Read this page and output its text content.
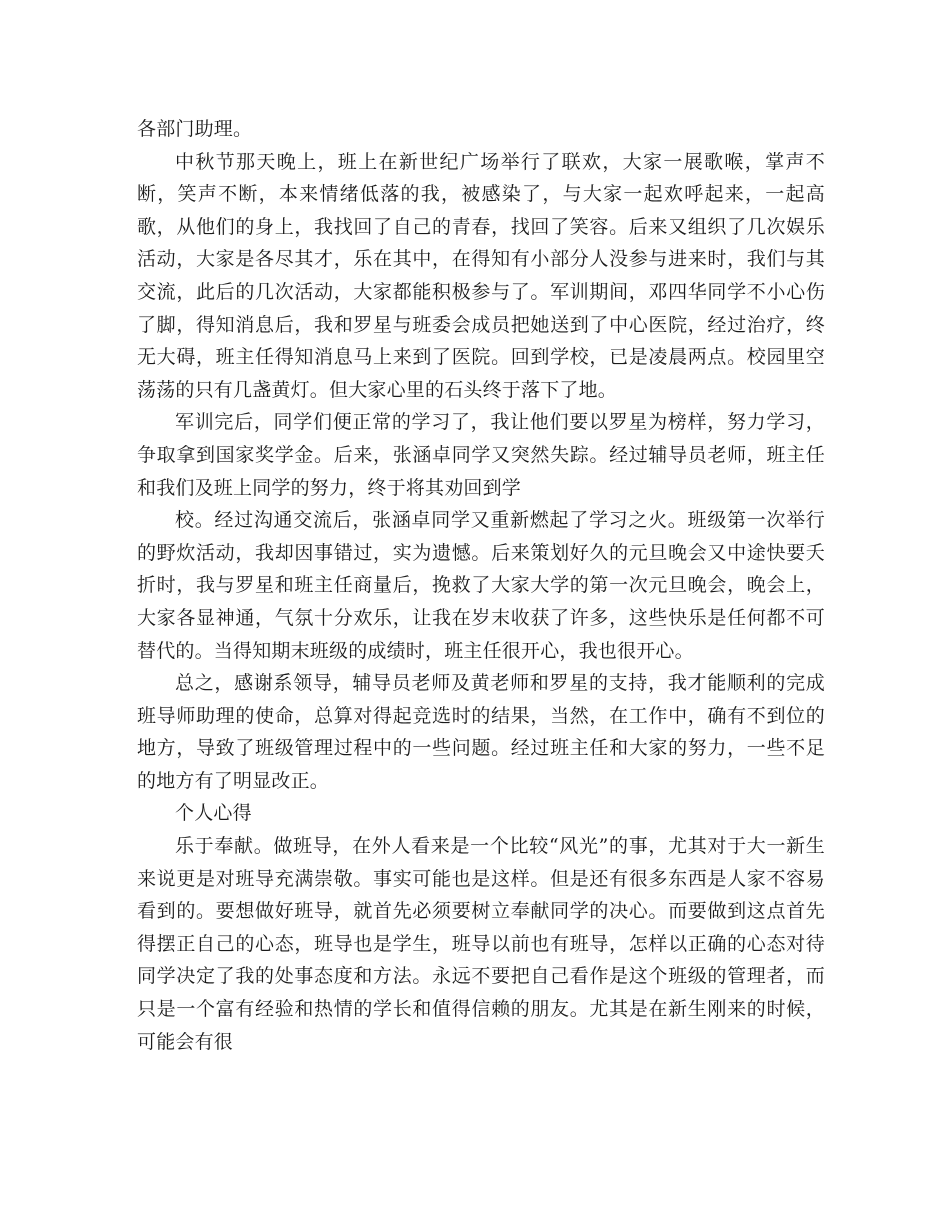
各部门助理。

中秋节那天晚上，班上在新世纪广场举行了联欢，大家一展歌喉，掌声不断，笑声不断，本来情绪低落的我，被感染了，与大家一起欢呼起来，一起高歌，从他们的身上，我找回了自己的青春，找回了笑容。后来又组织了几次娱乐活动，大家是各尽其才，乐在其中，在得知有小部分人没参与进来时，我们与其交流，此后的几次活动，大家都能积极参与了。军训期间，邓四华同学不小心伤了脚，得知消息后，我和罗星与班委会成员把她送到了中心医院，经过治疗，终无大碍，班主任得知消息马上来到了医院。回到学校，已是凌晨两点。校园里空荡荡的只有几盏黄灯。但大家心里的石头终于落下了地。

军训完后，同学们便正常的学习了，我让他们要以罗星为榜样，努力学习，争取拿到国家奖学金。后来，张涵卓同学又突然失踪。经过辅导员老师，班主任和我们及班上同学的努力，终于将其劝回到学

校。经过沟通交流后，张涵卓同学又重新燃起了学习之火。班级第一次举行的野炊活动，我却因事错过，实为遗憾。后来策划好久的元旦晚会又中途快要夭折时，我与罗星和班主任商量后，挽救了大家大学的第一次元旦晚会，晚会上，大家各显神通，气氛十分欢乐，让我在岁末收获了许多，这些快乐是任何都不可替代的。当得知期末班级的成绩时，班主任很开心，我也很开心。

总之，感谢系领导，辅导员老师及黄老师和罗星的支持，我才能顺利的完成班导师助理的使命，总算对得起竞选时的结果，当然，在工作中，确有不到位的地方，导致了班级管理过程中的一些问题。经过班主任和大家的努力，一些不足的地方有了明显改正。

个人心得

乐于奉献。做班导，在外人看来是一个比较“风光”的事，尤其对于大一新生来说更是对班导充满崇敬。事实可能也是这样。但是还有很多东西是人家不容易看到的。要想做好班导，就首先必须要树立奉献同学的决心。而要做到这点首先得摆正自己的心态，班导也是学生，班导以前也有班导，怎样以正确的心态对待同学决定了我的处事态度和方法。永远不要把自己看作是这个班级的管理者，而只是一个富有经验和热情的学长和值得信赖的朋友。尤其是在新生刚来的时候，可能会有很
